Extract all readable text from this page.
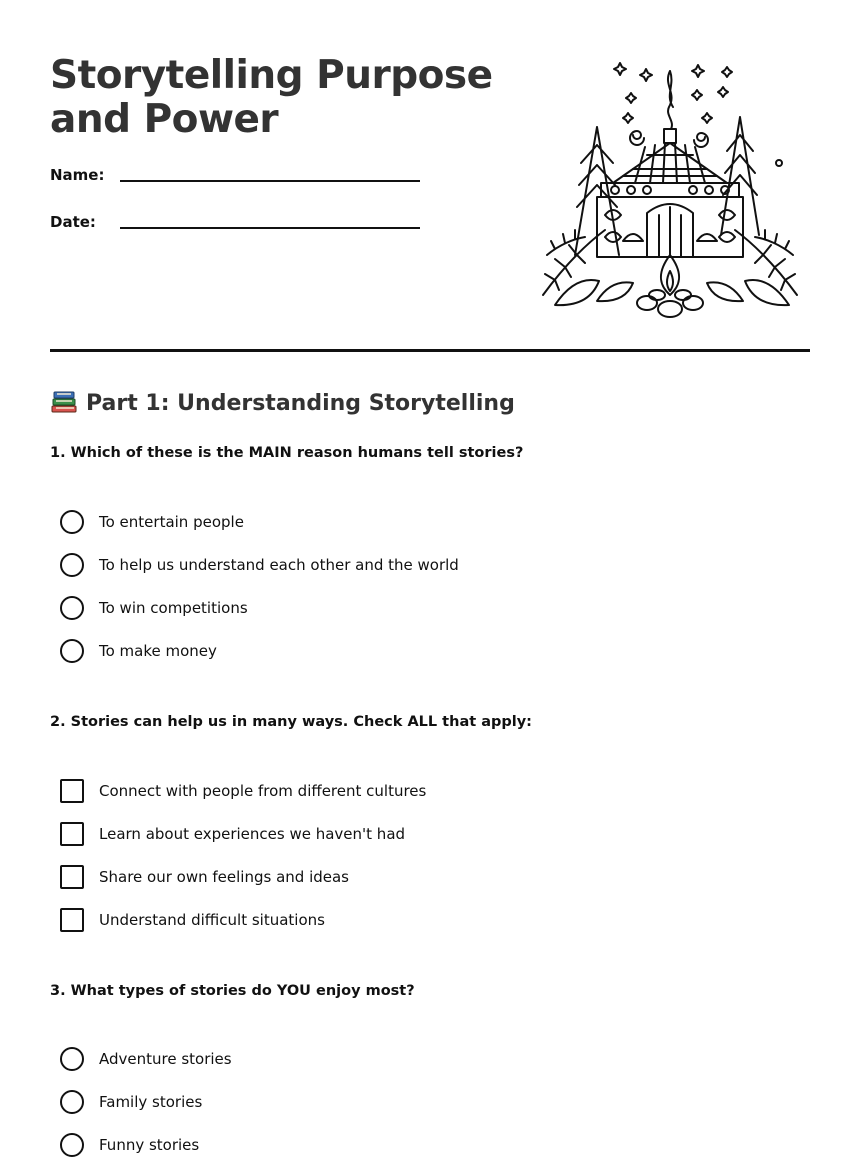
Storytelling Purpose
and Power
Name:
Date:
Part 1: Understanding Storytelling

1. Which of these is the MAIN reason humans tell stories?

To entertain people
To help us understand each other and the world
To win competitions
To make money

2. Stories can help us in many ways. Check ALL that apply:

Connect with people from different cultures
Learn about experiences we haven't had
Share our own feelings and ideas
Understand difficult situations

3. What types of stories do YOU enjoy most?

Adventure stories
Family stories
Funny stories
